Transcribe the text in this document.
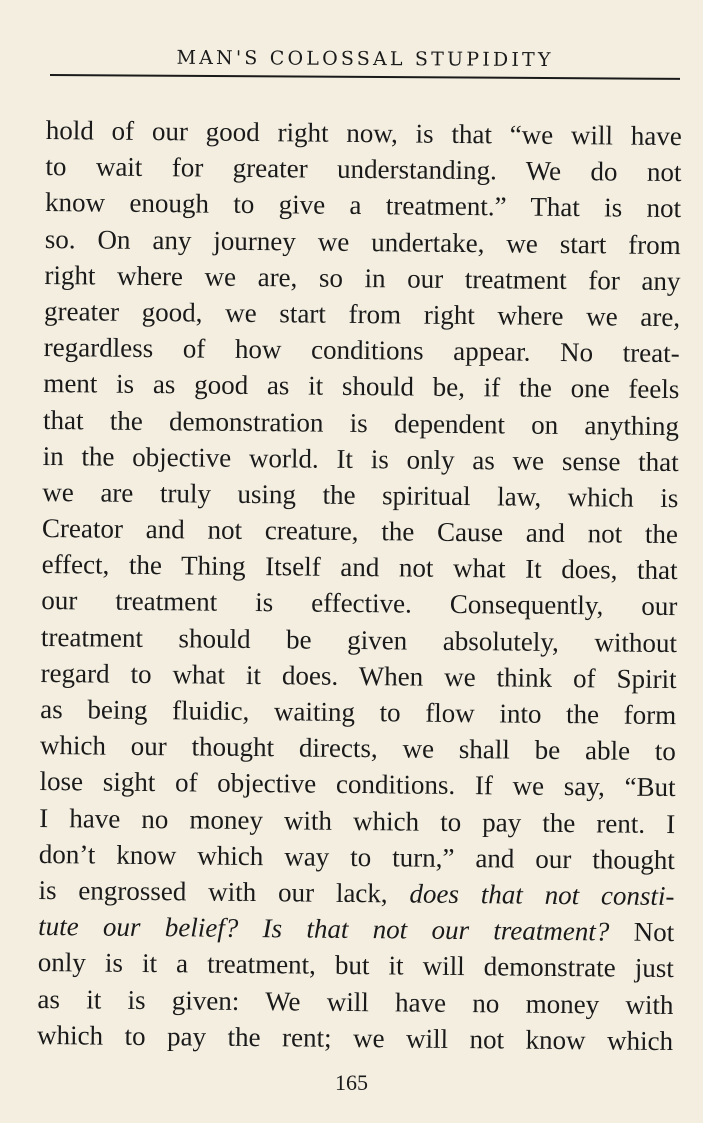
MAN'S COLOSSAL STUPIDITY
hold of our good right now, is that “we will have
to wait for greater understanding. We do not
know enough to give a treatment.” That is not
so. On any journey we undertake, we start from
right where we are, so in our treatment for any
greater good, we start from right where we are,
regardless of how conditions appear. No treat-
ment is as good as it should be, if the one feels
that the demonstration is dependent on anything
in the objective world. It is only as we sense that
we are truly using the spiritual law, which is
Creator and not creature, the Cause and not the
effect, the Thing Itself and not what It does, that
our treatment is effective. Consequently, our
treatment should be given absolutely, without
regard to what it does. When we think of Spirit
as being fluidic, waiting to flow into the form
which our thought directs, we shall be able to
lose sight of objective conditions. If we say, “But
I have no money with which to pay the rent. I
don’t know which way to turn,” and our thought
is engrossed with our lack, does that not consti-
tute our belief? Is that not our treatment? Not
only is it a treatment, but it will demonstrate just
as it is given: We will have no money with
which to pay the rent; we will not know which
165
